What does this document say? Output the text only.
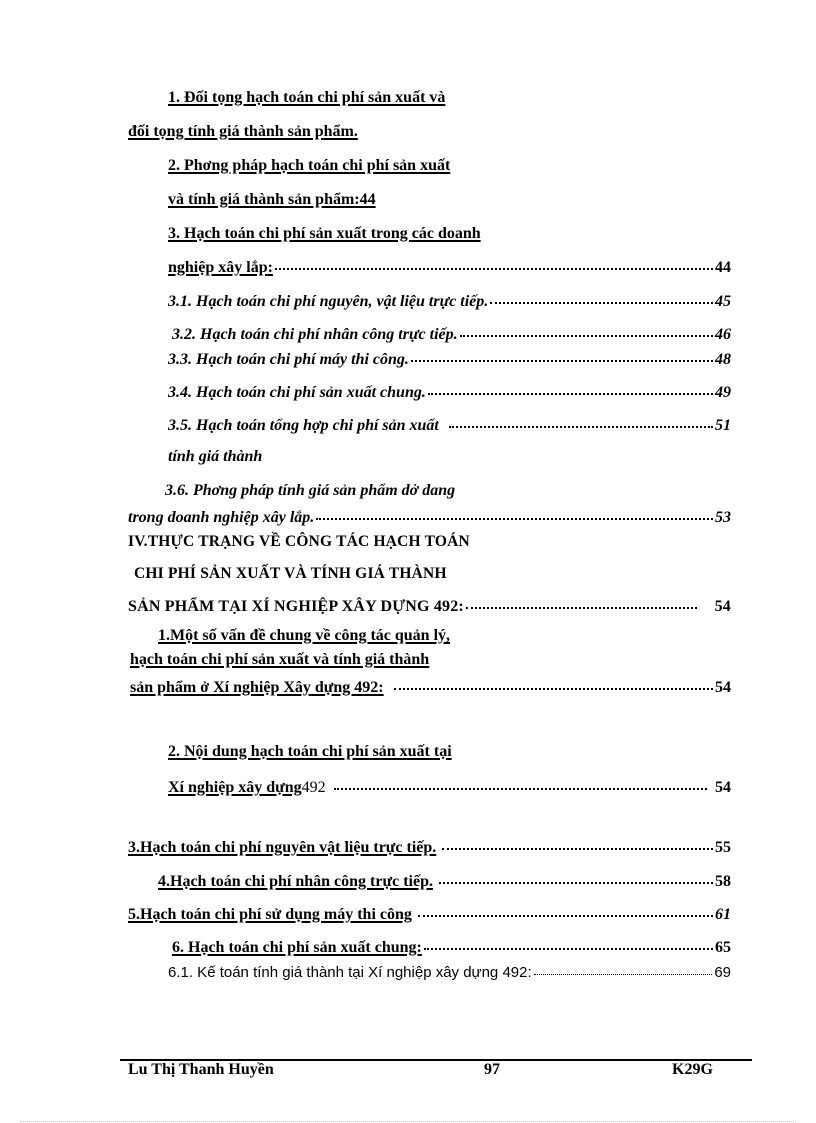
1. Đối tọng hạch toán chi phí sản xuất và
đối tọng tính giá thành sản phẩm.
2. Phơng pháp hạch toán chi phí sản xuất
và tính giá thành sản phẩm:44
3. Hạch toán chi phí sản xuất trong các doanh
nghiệp xây lắp:	44
3.1. Hạch toán chi phí nguyên, vật liệu trực tiếp.	45
3.2. Hạch toán chi phí nhân công trực tiếp.	46
3.3. Hạch toán chi phí máy thi công.	48
3.4. Hạch toán chi phí sản xuất chung.	49
3.5. Hạch toán tổng hợp chi phí sản xuất	51
tính giá thành
3.6. Phơng pháp tính giá sản phẩm dở dang
trong doanh nghiệp xây lắp.	53
IV.THỰC TRẠNG VỀ CÔNG TÁC HẠCH TOÁN
CHI PHÍ SẢN XUẤT VÀ TÍNH GIÁ THÀNH
SẢN PHẨM TẠI XÍ NGHIỆP XÂY DỰNG 492:	54
1.Một số vấn đề chung về công tác quản lý,
hạch toán chi phí sản xuất và tính giá thành
sản phẩm ở Xí nghiệp Xây dựng 492:	54
2. Nội dung hạch toán chi phí sản xuất tại
Xí nghiệp xây dựng 492	54
3.Hạch toán chi phí nguyên vật liệu trực tiếp.	55
4.Hạch toán chi phí nhân công trực tiếp.	58
5.Hạch toán chi phí sử dụng máy thi công	61
6. Hạch toán chi phí sản xuất chung:	65
6.1. Kế toán tính giá thành tại Xí nghiệp xây dựng 492:	69
Lu Thị Thanh Huyền	97	K29G
